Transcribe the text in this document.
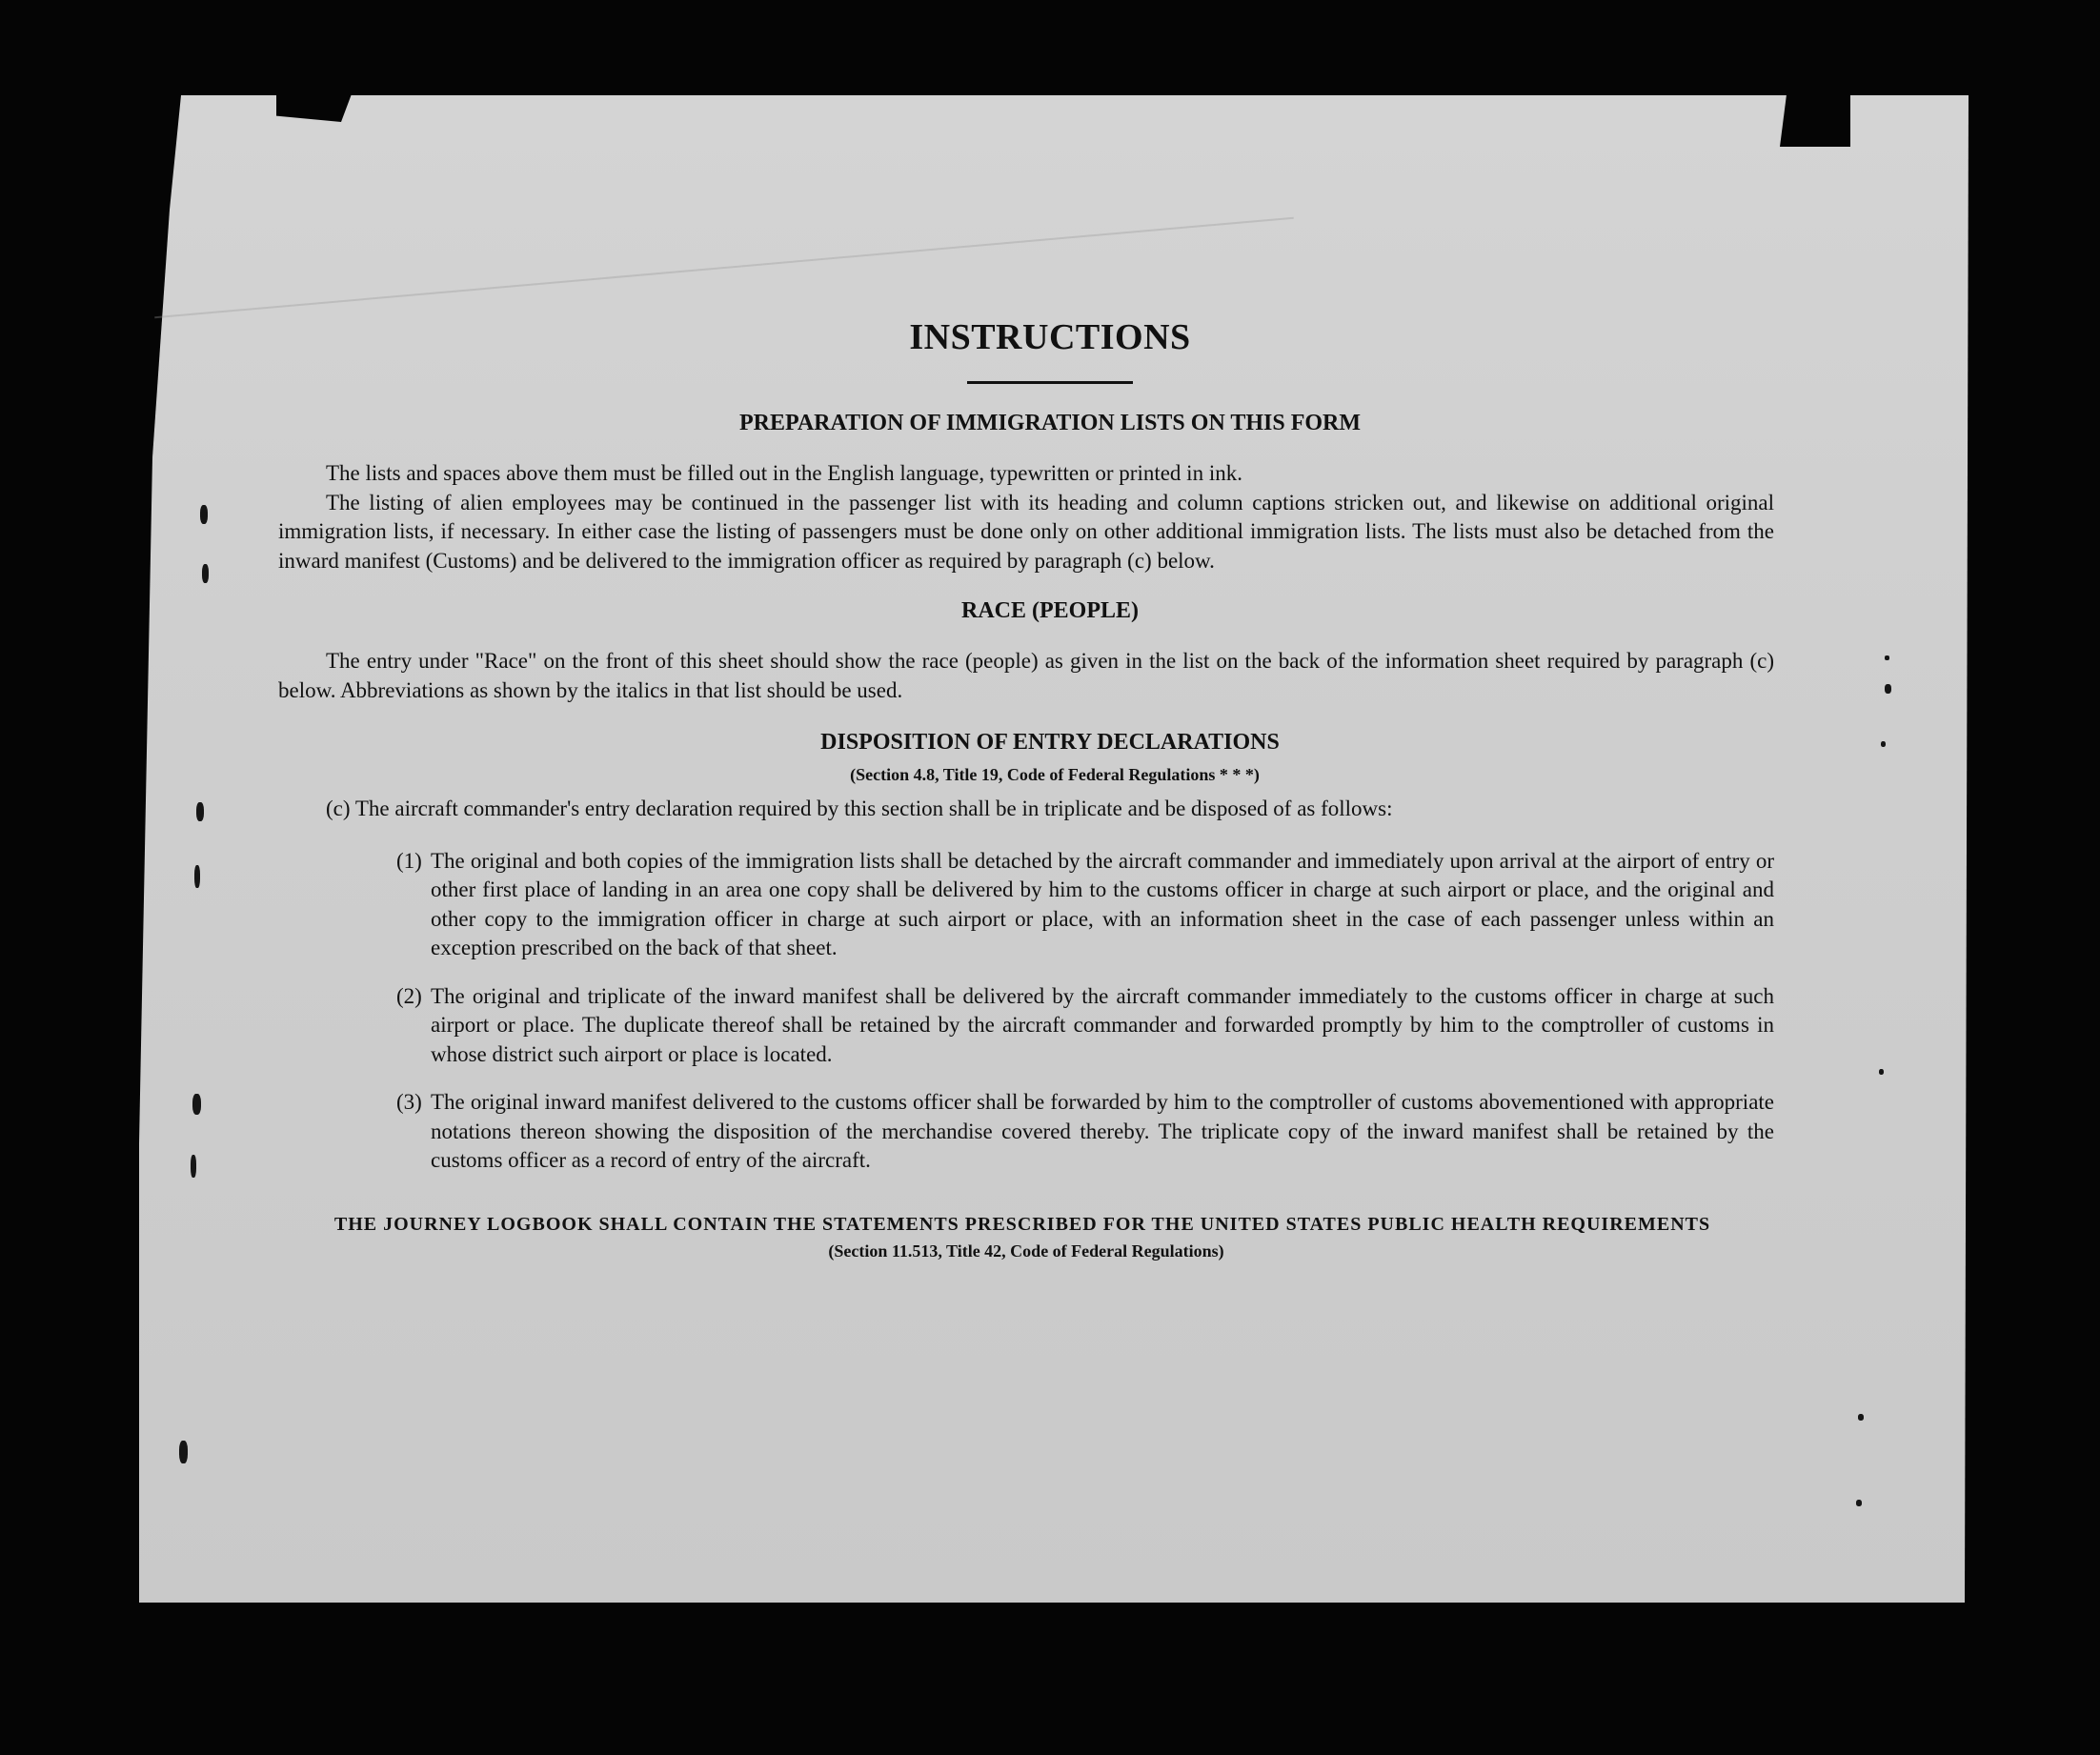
INSTRUCTIONS
PREPARATION OF IMMIGRATION LISTS ON THIS FORM

The lists and spaces above them must be filled out in the English language, typewritten or printed in ink.

The listing of alien employees may be continued in the passenger list with its heading and column captions stricken out, and likewise on additional original immigration lists, if necessary. In either case the listing of passengers must be done only on other additional immigration lists. The lists must also be detached from the inward manifest (Customs) and be delivered to the immigration officer as required by paragraph (c) below.

RACE (PEOPLE)

The entry under "Race" on the front of this sheet should show the race (people) as given in the list on the back of the information sheet required by paragraph (c) below. Abbreviations as shown by the italics in that list should be used.

DISPOSITION OF ENTRY DECLARATIONS
(Section 4.8, Title 19, Code of Federal Regulations * * *)

(c) The aircraft commander's entry declaration required by this section shall be in triplicate and be disposed of as follows:

(1) The original and both copies of the immigration lists shall be detached by the aircraft commander and immediately upon arrival at the airport of entry or other first place of landing in an area one copy shall be delivered by him to the customs officer in charge at such airport or place, and the original and other copy to the immigration officer in charge at such airport or place, with an information sheet in the case of each passenger unless within an exception prescribed on the back of that sheet.

(2) The original and triplicate of the inward manifest shall be delivered by the aircraft commander immediately to the customs officer in charge at such airport or place. The duplicate thereof shall be retained by the aircraft commander and forwarded promptly by him to the comptroller of customs in whose district such airport or place is located.

(3) The original inward manifest delivered to the customs officer shall be forwarded by him to the comptroller of customs abovementioned with appropriate notations thereon showing the disposition of the merchandise covered thereby. The triplicate copy of the inward manifest shall be retained by the customs officer as a record of entry of the aircraft.

THE JOURNEY LOGBOOK SHALL CONTAIN THE STATEMENTS PRESCRIBED FOR THE UNITED STATES PUBLIC HEALTH REQUIREMENTS
(Section 11.513, Title 42, Code of Federal Regulations)
